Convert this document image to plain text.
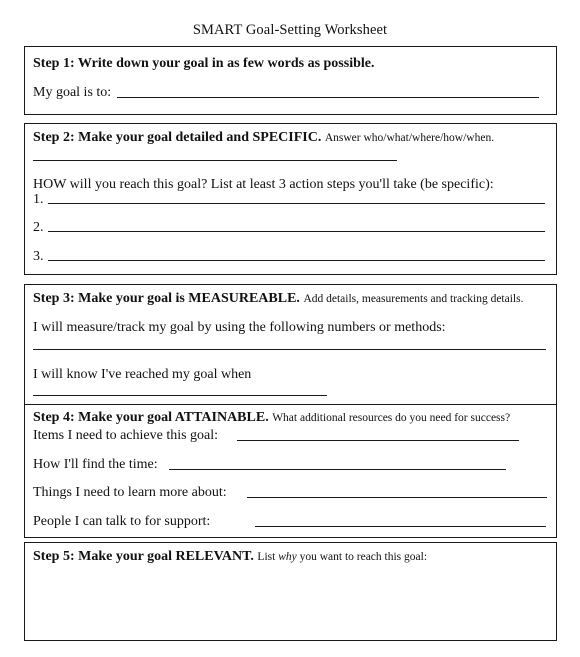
SMART Goal-Setting Worksheet
Step 1: Write down your goal in as few words as possible.
My goal is to:
Step 2: Make your goal detailed and SPECIFIC. Answer who/what/where/how/when.
HOW will you reach this goal? List at least 3 action steps you'll take (be specific):
1.
2.
3.
Step 3: Make your goal is MEASUREABLE. Add details, measurements and tracking details.
I will measure/track my goal by using the following numbers or methods:
I will know I've reached my goal when
Step 4: Make your goal ATTAINABLE. What additional resources do you need for success?
Items I need to achieve this goal:
How I'll find the time:
Things I need to learn more about:
People I can talk to for support:
Step 5: Make your goal RELEVANT. List why you want to reach this goal:
